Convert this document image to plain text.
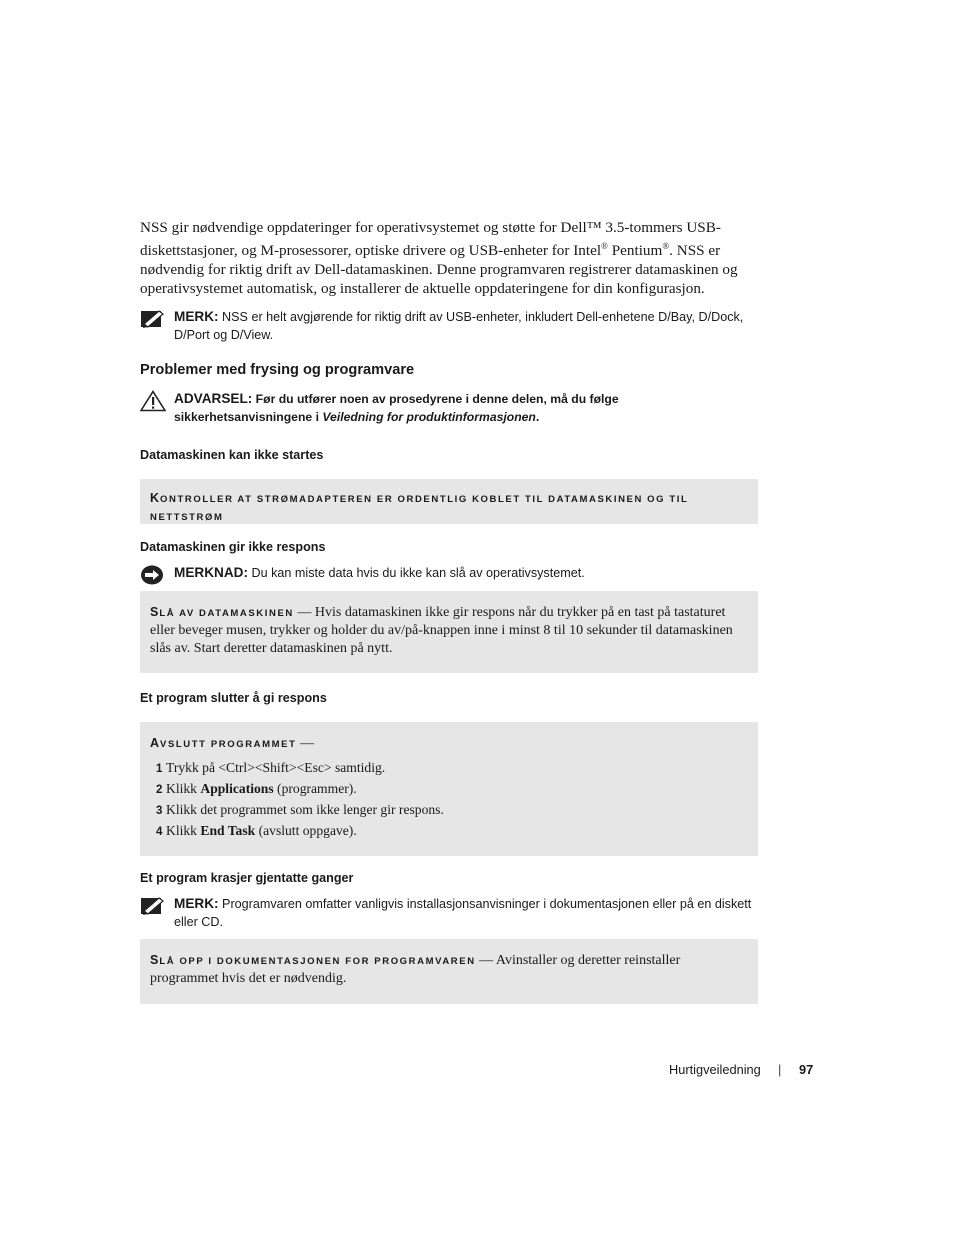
NSS gir nødvendige oppdateringer for operativsystemet og støtte for Dell™ 3.5-tommers USB-diskettstasjoner, og M-prosessorer, optiske drivere og USB-enheter for Intel® Pentium®. NSS er nødvendig for riktig drift av Dell-datamaskinen. Denne programvaren registrerer datamaskinen og operativsystemet automatisk, og installerer de aktuelle oppdateringene for din konfigurasjon.

MERK: NSS er helt avgjørende for riktig drift av USB-enheter, inkludert Dell-enhetene D/Bay, D/Dock, D/Port og D/View.
Problemer med frysing og programvare
ADVARSEL: Før du utfører noen av prosedyrene i denne delen, må du følge sikkerhetsanvisningene i Veiledning for produktinformasjonen.
Datamaskinen kan ikke startes
KONTROLLER AT STRØMADAPTEREN ER ORDENTLIG KOBLET TIL DATAMASKINEN OG TIL NETTSTRØM
Datamaskinen gir ikke respons
MERKNAD: Du kan miste data hvis du ikke kan slå av operativsystemet.
SLÅ AV DATAMASKINEN — Hvis datamaskinen ikke gir respons når du trykker på en tast på tastaturet eller beveger musen, trykker og holder du av/på-knappen inne i minst 8 til 10 sekunder til datamaskinen slås av. Start deretter datamaskinen på nytt.
Et program slutter å gi respons
AVSLUTT PROGRAMMET —
1 Trykk på <Ctrl><Shift><Esc> samtidig.
2 Klikk Applications (programmer).
3 Klikk det programmet som ikke lenger gir respons.
4 Klikk End Task (avslutt oppgave).
Et program krasjer gjentatte ganger
MERK: Programvaren omfatter vanligvis installasjonsanvisninger i dokumentasjonen eller på en diskett eller CD.
SLÅ OPP I DOKUMENTASJONEN FOR PROGRAMVAREN — Avinstaller og deretter reinstaller programmet hvis det er nødvendig.
Hurtigveiledning | 97
